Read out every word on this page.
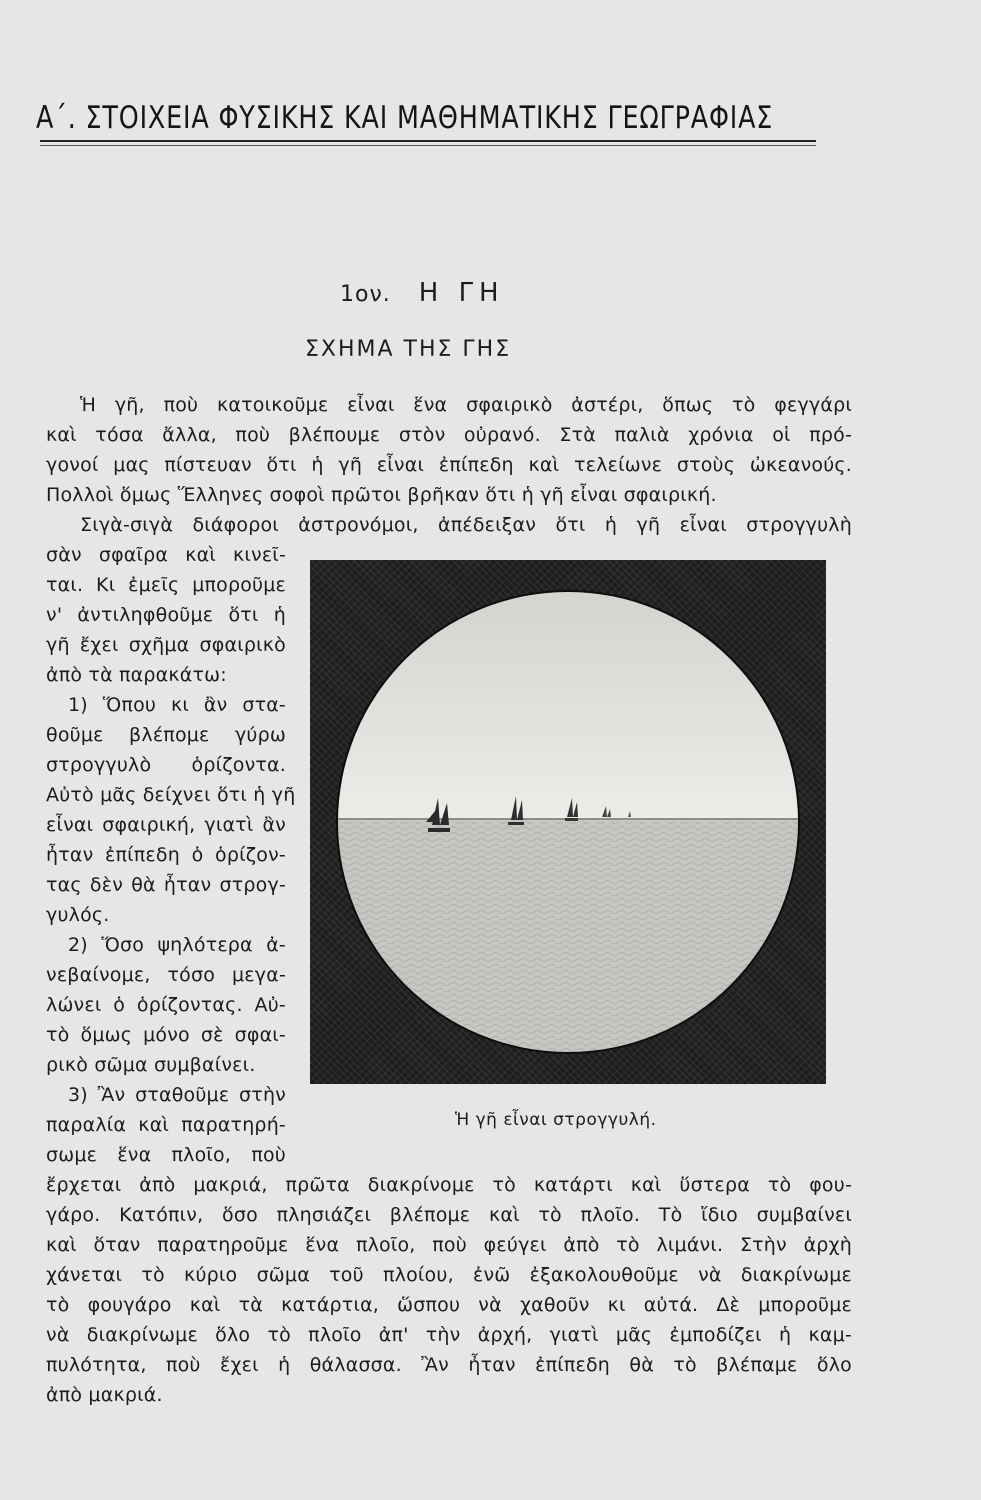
Α΄. ΣΤΟΙΧΕΙΑ ΦΥΣΙΚΗΣ ΚΑΙ ΜΑΘΗΜΑΤΙΚΗΣ ΓΕΩΓΡΑΦΙΑΣ
1ον. Η ΓΗ
ΣΧΗΜΑ ΤΗΣ ΓΗΣ
Ἡ γῆ, ποὺ κατοικοῦμε εἶναι ἕνα σφαιρικὸ ἀστέρι, ὅπως τὸ φεγγάρι
καὶ τόσα ἄλλα, ποὺ βλέπουμε στὸν οὐρανό. Στὰ παλιὰ χρόνια οἱ πρό-
γονοί μας πίστευαν ὅτι ἡ γῆ εἶναι ἐπίπεδη καὶ τελείωνε στοὺς ὠκεανούς.
Πολλοὶ ὅμως Ἕλληνες σοφοὶ πρῶτοι βρῆκαν ὅτι ἡ γῆ εἶναι σφαιρική.
Σιγὰ-σιγὰ διάφοροι ἀστρονόμοι, ἀπέδειξαν ὅτι ἡ γῆ εἶναι στρογγυλὴ
σὰν σφαῖρα καὶ κινεῖ-
ται. Κι ἐμεῖς μποροῦμε
ν' ἀντιληφθοῦμε ὅτι ἡ
γῆ ἔχει σχῆμα σφαιρικὸ
ἀπὸ τὰ παρακάτω:
1) Ὅπου κι ἂν στα-
θοῦμε βλέπομε γύρω
στρογγυλὸ ὁρίζοντα.
Αὐτὸ μᾶς δείχνει ὅτι ἡ γῆ
εἶναι σφαιρική, γιατὶ ἂν
ἦταν ἐπίπεδη ὁ ὁρίζον-
τας δὲν θὰ ἦταν στρογ-
γυλός.
2) Ὅσο ψηλότερα ἀ-
νεβαίνομε, τόσο μεγα-
λώνει ὁ ὁρίζοντας. Αὐ-
τὸ ὅμως μόνο σὲ σφαι-
ρικὸ σῶμα συμβαίνει.
3) Ἂν σταθοῦμε στὴν
παραλία καὶ παρατηρή-
σωμε ἕνα πλοῖο, ποὺ
Ἡ γῆ εἶναι στρογγυλή.
ἔρχεται ἀπὸ μακριά, πρῶτα διακρίνομε τὸ κατάρτι καὶ ὕστερα τὸ φου-
γάρο. Κατόπιν, ὅσο πλησιάζει βλέπομε καὶ τὸ πλοῖο. Τὸ ἴδιο συμβαίνει
καὶ ὅταν παρατηροῦμε ἕνα πλοῖο, ποὺ φεύγει ἀπὸ τὸ λιμάνι. Στὴν ἀρχὴ
χάνεται τὸ κύριο σῶμα τοῦ πλοίου, ἐνῶ ἐξακολουθοῦμε νὰ διακρίνωμε
τὸ φουγάρο καὶ τὰ κατάρτια, ὥσπου νὰ χαθοῦν κι αὐτά. Δὲ μποροῦμε
νὰ διακρίνωμε ὅλο τὸ πλοῖο ἀπ' τὴν ἀρχή, γιατὶ μᾶς ἐμποδίζει ἡ καμ-
πυλότητα, ποὺ ἔχει ἡ θάλασσα. Ἂν ἦταν ἐπίπεδη θὰ τὸ βλέπαμε ὅλο
ἀπὸ μακριά.
